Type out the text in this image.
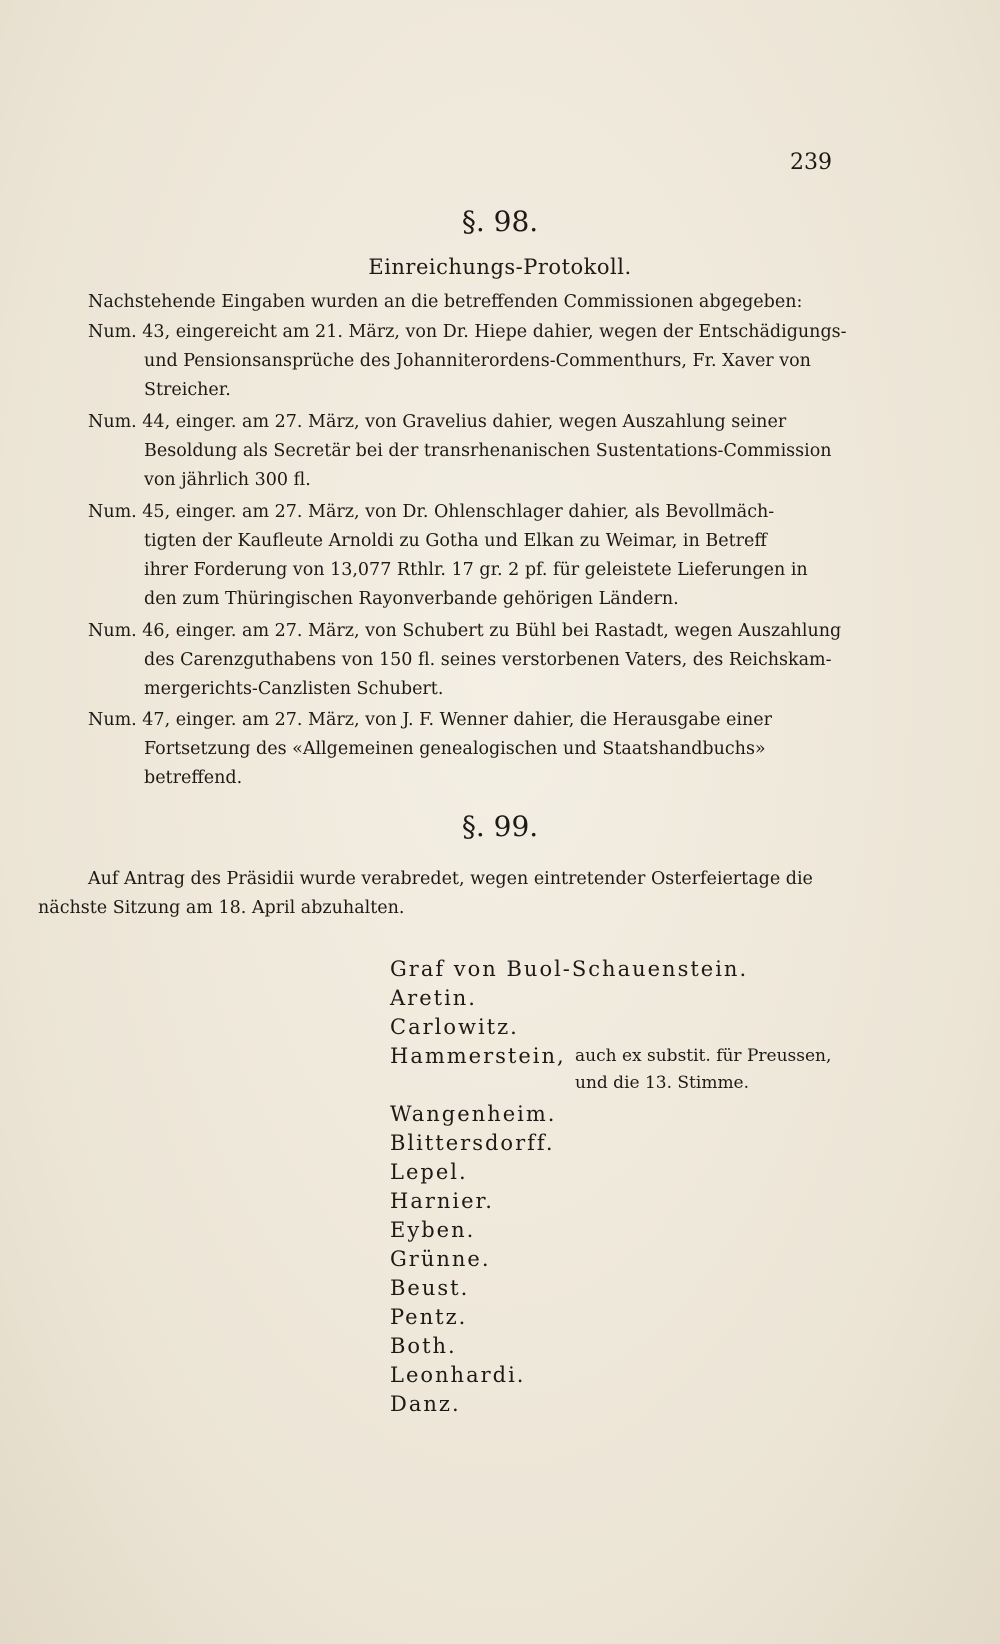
239
§. 98.
Einreichungs-Protokoll.
Nachstehende Eingaben wurden an die betreffenden Commissionen abgegeben:
Num. 43, eingereicht am 21. März, von Dr. Hiepe dahier, wegen der Entschädigungs-
und Pensionsansprüche des Johanniterordens-Commenthurs, Fr. Xaver von
Streicher.
Num. 44, einger. am 27. März, von Gravelius dahier, wegen Auszahlung seiner
Besoldung als Secretär bei der transrhenanischen Sustentations-Commission
von jährlich 300 fl.
Num. 45, einger. am 27. März, von Dr. Ohlenschlager dahier, als Bevollmäch-
tigten der Kaufleute Arnoldi zu Gotha und Elkan zu Weimar, in Betreff
ihrer Forderung von 13,077 Rthlr. 17 gr. 2 pf. für geleistete Lieferungen in
den zum Thüringischen Rayonverbande gehörigen Ländern.
Num. 46, einger. am 27. März, von Schubert zu Bühl bei Rastadt, wegen Auszahlung
des Carenzguthabens von 150 fl. seines verstorbenen Vaters, des Reichskam-
mergerichts-Canzlisten Schubert.
Num. 47, einger. am 27. März, von J. F. Wenner dahier, die Herausgabe einer
Fortsetzung des «Allgemeinen genealogischen und Staatshandbuchs» betreffend.
§. 99.
Auf Antrag des Präsidii wurde verabredet, wegen eintretender Osterfeiertage die
nächste Sitzung am 18. April abzuhalten.
Graf von Buol-Schauenstein.
Aretin.
Carlowitz.
Hammerstein, auch ex substit. für Preussen,
und die 13. Stimme.
Wangenheim.
Blittersdorff.
Lepel.
Harnier.
Eyben.
Grünne.
Beust.
Pentz.
Both.
Leonhardi.
Danz.
